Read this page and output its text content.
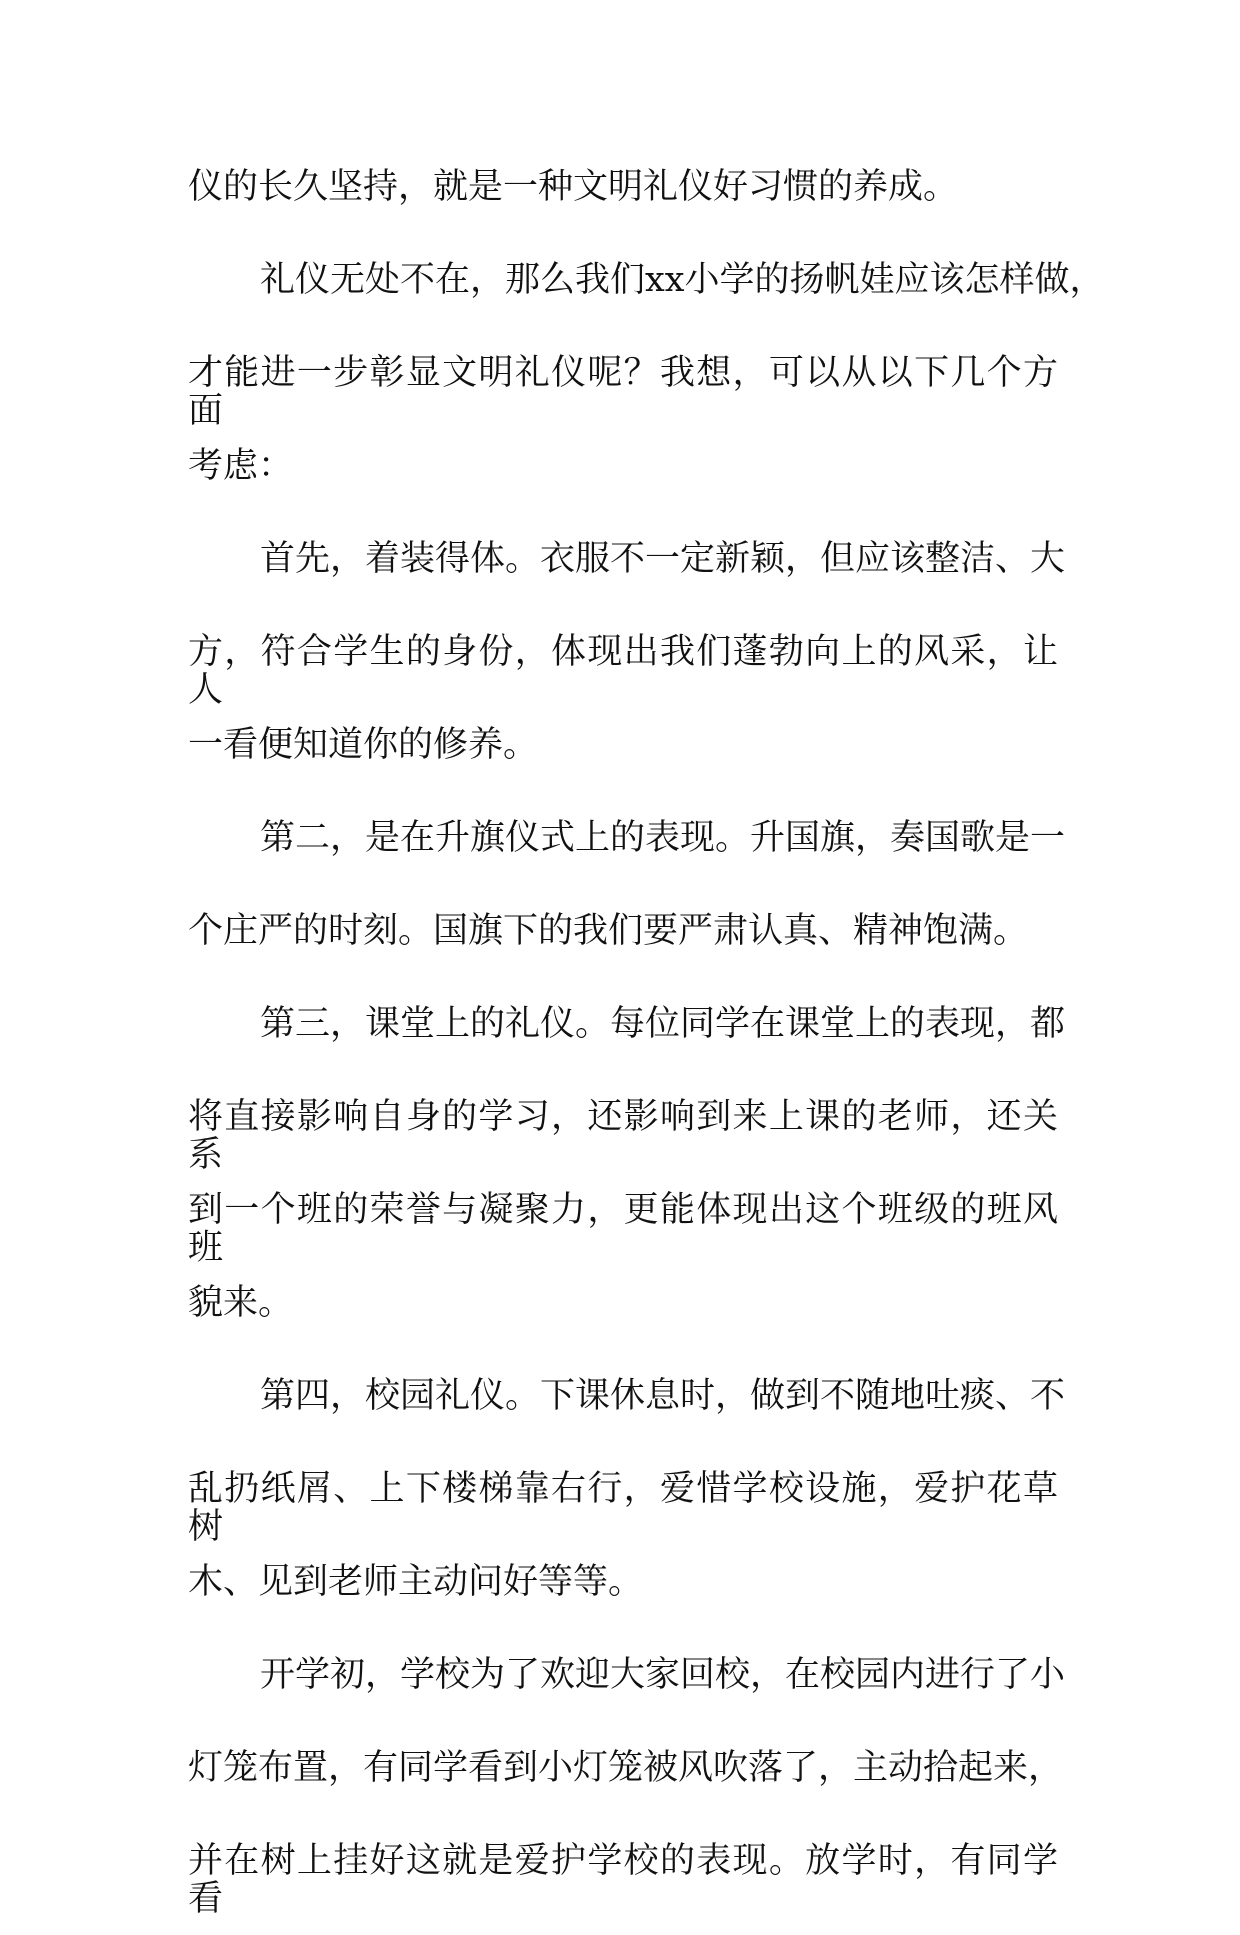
仪的长久坚持，就是一种文明礼仪好习惯的养成。
礼仪无处不在，那么我们xx小学的扬帆娃应该怎样做，
才能进一步彰显文明礼仪呢？我想，可以从以下几个方面
考虑：
首先，着装得体。衣服不一定新颖，但应该整洁、大
方，符合学生的身份，体现出我们蓬勃向上的风采，让人
一看便知道你的修养。
第二，是在升旗仪式上的表现。升国旗，奏国歌是一
个庄严的时刻。国旗下的我们要严肃认真、精神饱满。
第三，课堂上的礼仪。每位同学在课堂上的表现，都
将直接影响自身的学习，还影响到来上课的老师，还关系
到一个班的荣誉与凝聚力，更能体现出这个班级的班风班
貌来。
第四，校园礼仪。下课休息时，做到不随地吐痰、不
乱扔纸屑、上下楼梯靠右行，爱惜学校设施，爱护花草树
木、见到老师主动问好等等。
开学初，学校为了欢迎大家回校，在校园内进行了小
灯笼布置，有同学看到小灯笼被风吹落了，主动拾起来，
并在树上挂好这就是爱护学校的表现。放学时，有同学看
